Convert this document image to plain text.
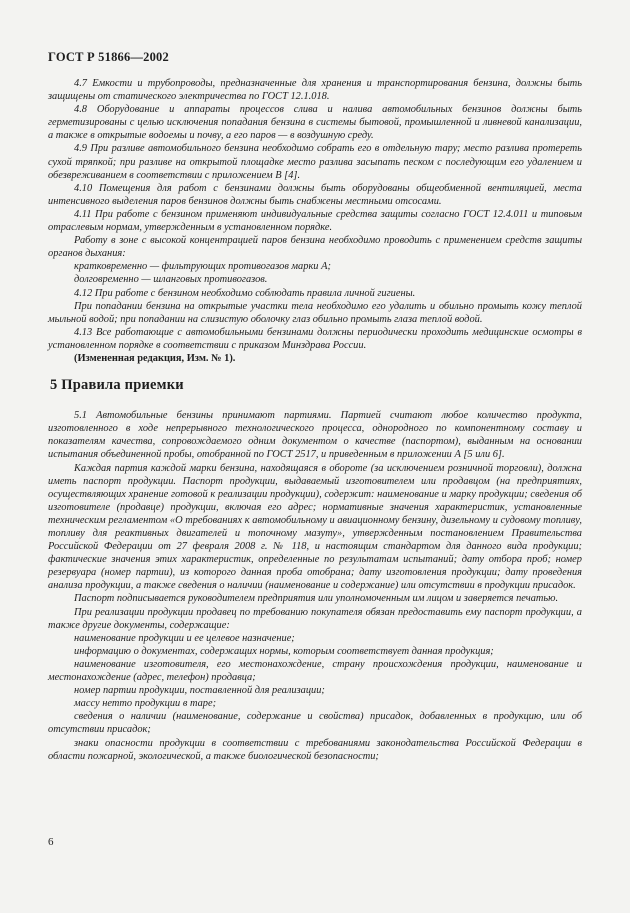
ГОСТ Р 51866—2002

4.7 Емкости и трубопроводы, предназначенные для хранения и транспортирования бензина, должны быть защищены от статического электричества по ГОСТ 12.1.018.

4.8 Оборудование и аппараты процессов слива и налива автомобильных бензинов должны быть герметизированы с целью исключения попадания бензина в системы бытовой, промышленной и ливневой канализации, а также в открытые водоемы и почву, а его паров — в воздушную среду.

4.9 При разливе автомобильного бензина необходимо собрать его в отдельную тару; место разлива протереть сухой тряпкой; при разливе на открытой площадке место разлива засыпать песком с последующим его удалением и обезвреживанием в соответствии с приложением В [4].

4.10 Помещения для работ с бензинами должны быть оборудованы общеобменной вентиляцией, места интенсивного выделения паров бензинов должны быть снабжены местными отсосами.

4.11 При работе с бензином применяют индивидуальные средства защиты согласно ГОСТ 12.4.011 и типовым отраслевым нормам, утвержденным в установленном порядке.

Работу в зоне с высокой концентрацией паров бензина необходимо проводить с применением средств защиты органов дыхания:

кратковременно — фильтрующих противогазов марки А;

долговременно — шланговых противогазов.

4.12 При работе с бензином необходимо соблюдать правила личной гигиены.

При попадании бензина на открытые участки тела необходимо его удалить и обильно промыть кожу теплой мыльной водой; при попадании на слизистую оболочку глаз обильно промыть глаза теплой водой.

4.13 Все работающие с автомобильными бензинами должны периодически проходить медицинские осмотры в установленном порядке в соответствии с приказом Минздрава России.

(Измененная редакция, Изм. № 1).

5 Правила приемки

5.1 Автомобильные бензины принимают партиями. Партией считают любое количество продукта, изготовленного в ходе непрерывного технологического процесса, однородного по компонентному составу и показателям качества, сопровождаемого одним документом о качестве (паспортом), выданным на основании испытания объединенной пробы, отобранной по ГОСТ 2517, и приведенным в приложении А [5 или 6].

Каждая партия каждой марки бензина, находящаяся в обороте (за исключением розничной торговли), должна иметь паспорт продукции. Паспорт продукции, выдаваемый изготовителем или продавцом (на предприятиях, осуществляющих хранение готовой к реализации продукции), содержит: наименование и марку продукции; сведения об изготовителе (продавце) продукции, включая его адрес; нормативные значения характеристик, установленные техническим регламентом «О требованиях к автомобильному и авиационному бензину, дизельному и судовому топливу, топливу для реактивных двигателей и топочному мазуту», утвержденным постановлением Правительства Российской Федерации от 27 февраля 2008 г. № 118, и настоящим стандартом для данного вида продукции; фактические значения этих характеристик, определенные по результатам испытаний; дату отбора проб; номер резервуара (номер партии), из которого данная проба отобрана; дату изготовления продукции; дату проведения анализа продукции, а также сведения о наличии (наименование и содержание) или отсутствии в продукции присадок.

Паспорт подписывается руководителем предприятия или уполномоченным им лицом и заверяется печатью.

При реализации продукции продавец по требованию покупателя обязан предоставить ему паспорт продукции, а также другие документы, содержащие:

наименование продукции и ее целевое назначение;

информацию о документах, содержащих нормы, которым соответствует данная продукция;

наименование изготовителя, его местонахождение, страну происхождения продукции, наименование и местонахождение (адрес, телефон) продавца;

номер партии продукции, поставленной для реализации;

массу нетто продукции в таре;

сведения о наличии (наименование, содержание и свойства) присадок, добавленных в продукцию, или об отсутствии присадок;

знаки опасности продукции в соответствии с требованиями законодательства Российской Федерации в области пожарной, экологической, а также биологической безопасности;

6
